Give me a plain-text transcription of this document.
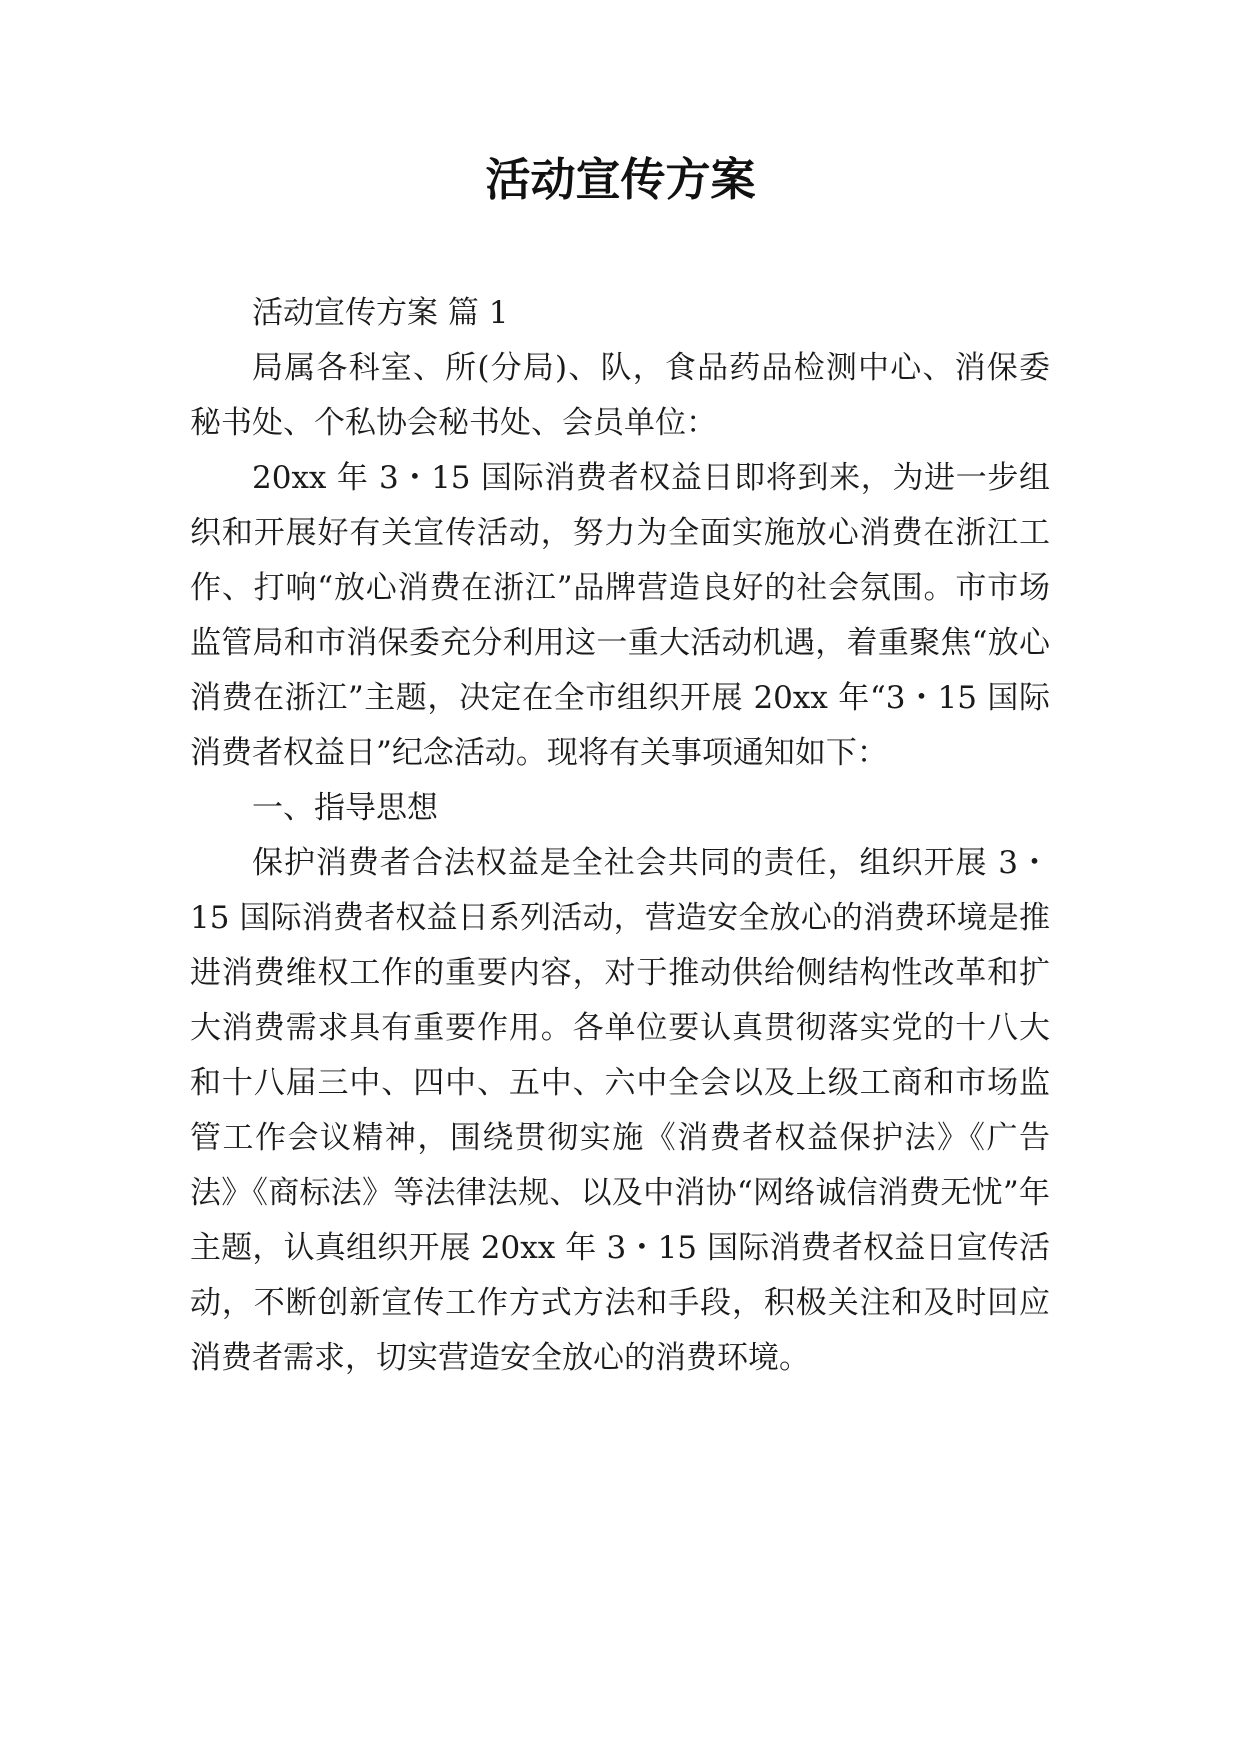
活动宣传方案

活动宣传方案 篇 1

局属各科室、所(分局)、队，食品药品检测中心、消保委秘书处、个私协会秘书处、会员单位：

20xx 年 3・15 国际消费者权益日即将到来，为进一步组织和开展好有关宣传活动，努力为全面实施放心消费在浙江工作、打响“放心消费在浙江”品牌营造良好的社会氛围。市市场监管局和市消保委充分利用这一重大活动机遇，着重聚焦“放心消费在浙江”主题，决定在全市组织开展 20xx 年“3・15 国际消费者权益日”纪念活动。现将有关事项通知如下：

一、指导思想

保护消费者合法权益是全社会共同的责任，组织开展 3・15 国际消费者权益日系列活动，营造安全放心的消费环境是推进消费维权工作的重要内容，对于推动供给侧结构性改革和扩大消费需求具有重要作用。各单位要认真贯彻落实党的十八大和十八届三中、四中、五中、六中全会以及上级工商和市场监管工作会议精神，围绕贯彻实施《消费者权益保护法》《广告法》《商标法》等法律法规、以及中消协“网络诚信消费无忧”年主题，认真组织开展 20xx 年 3・15 国际消费者权益日宣传活动，不断创新宣传工作方式方法和手段，积极关注和及时回应消费者需求，切实营造安全放心的消费环境。
